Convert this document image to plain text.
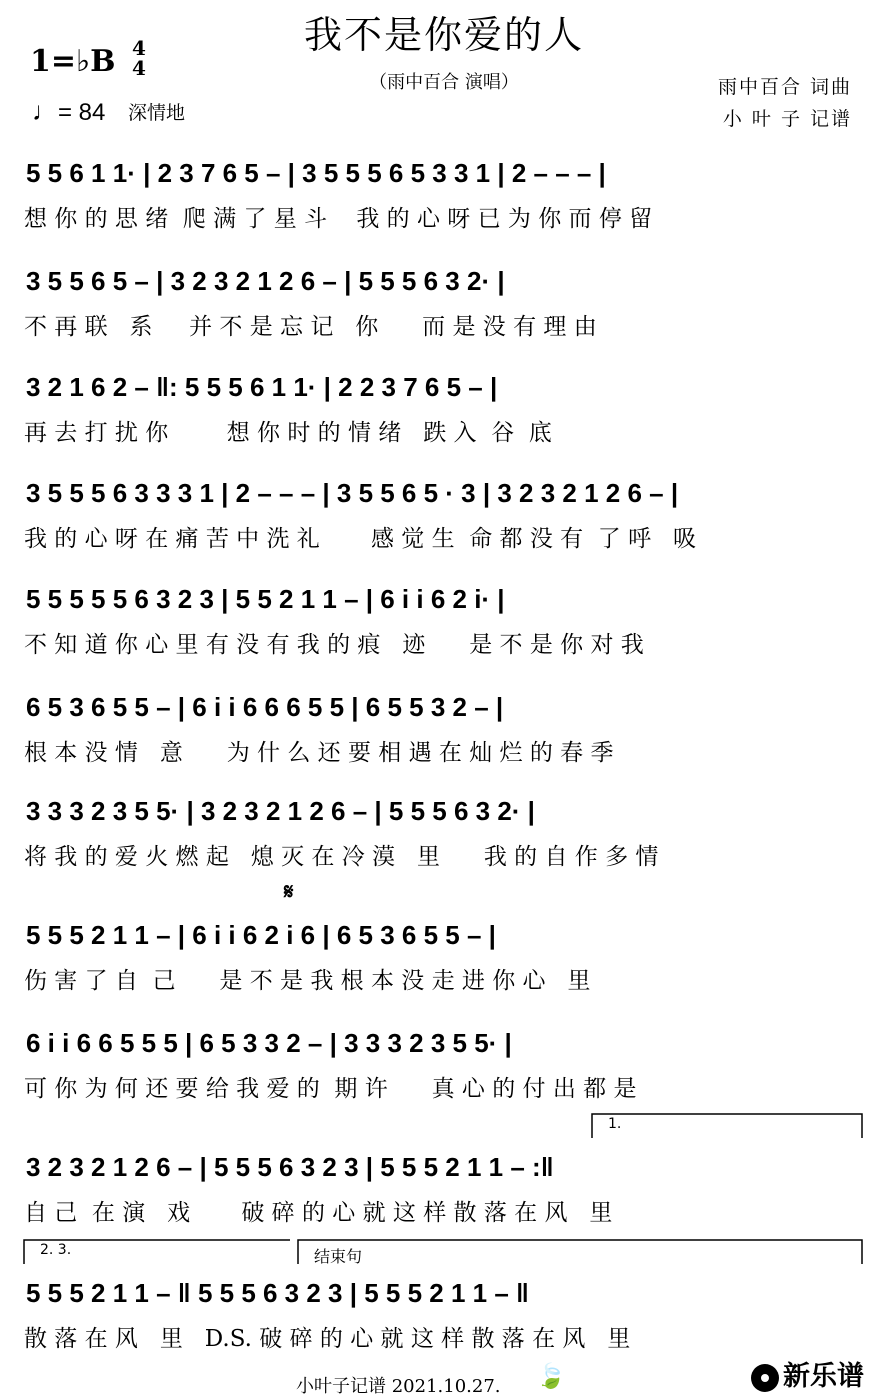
我不是你爱的人
（雨中百合 演唱）
1=♭B 4
4
♩= 84 深情地
雨中百合 词曲
小 叶 子 记谱
5 5 6 1 1· | 2 3 7 6 5 – | 3 5 5 5 6 5 3 3 1 | 2 – – – |
想 你 的 思 绪  爬 满 了 星 斗    我 的 心 呀 已 为 你 而 停 留
3 5 5 6 5 – | 3 2 3 2 1 2 6 – | 5 5 5 6 3 2· |
不 再 联   系     并 不 是 忘 记   你      而 是 没 有 理 由
3 2 1 6 2 – ‖: 5 5 5 6 1 1· | 2 2 3 7 6 5 – |
再 去 打 扰 你        想 你 时 的 情 绪   跌 入  谷  底
3 5 5 5 6 3 3 3 1 | 2 – – – | 3 5 5 6 5 · 3 | 3 2 3 2 1 2 6 – |
我 的 心 呀 在 痛 苦 中 洗 礼       感 觉 生  命 都 没 有  了 呼   吸
5 5 5 5 5 6 3 2 3 | 5 5 2 1 1 – | 6 i i 6 2 i· |
不 知 道 你 心 里 有 没 有 我 的 痕   迹      是 不 是 你 对 我
6 5 3 6 5 5 – | 6 i i 6 6 6 5 5 | 6 5 5 3 2 – |
根 本 没 情   意      为 什 么 还 要 相 遇 在 灿 烂 的 春 季
3 3 3 2 3 5 5· | 3 2 3 2 1 2 6 – | 5 5 5 6 3 2· |
将 我 的 爱 火 燃 起   熄 灭 在 冷 漠   里      我 的 自 作 多 情
𝄋
5 5 5 2 1 1 – | 6 i i 6 2 i 6 | 6 5 3 6 5 5 – |
伤 害 了 自  己      是 不 是 我 根 本 没 走 进 你 心   里
6 i i 6 6 5 5 5 | 6 5 3 3 2 – | 3 3 3 2 3 5 5· |
可 你 为 何 还 要 给 我 爱 的  期 许      真 心 的 付 出 都 是
1.
3 2 3 2 1 2 6 – | 5 5 5 6 3 2 3 | 5 5 5 2 1 1 – :‖
自 己  在 演   戏       破 碎 的 心 就 这 样 散 落 在 风   里
2. 3.	结束句
5 5 5 2 1 1 – ‖ 5 5 5 6 3 2 3 | 5 5 5 2 1 1 – ‖
散 落 在 风   里   D.S. 破 碎 的 心 就 这 样 散 落 在 风   里
小叶子记谱 2021.10.27. 🍃	新乐谱
